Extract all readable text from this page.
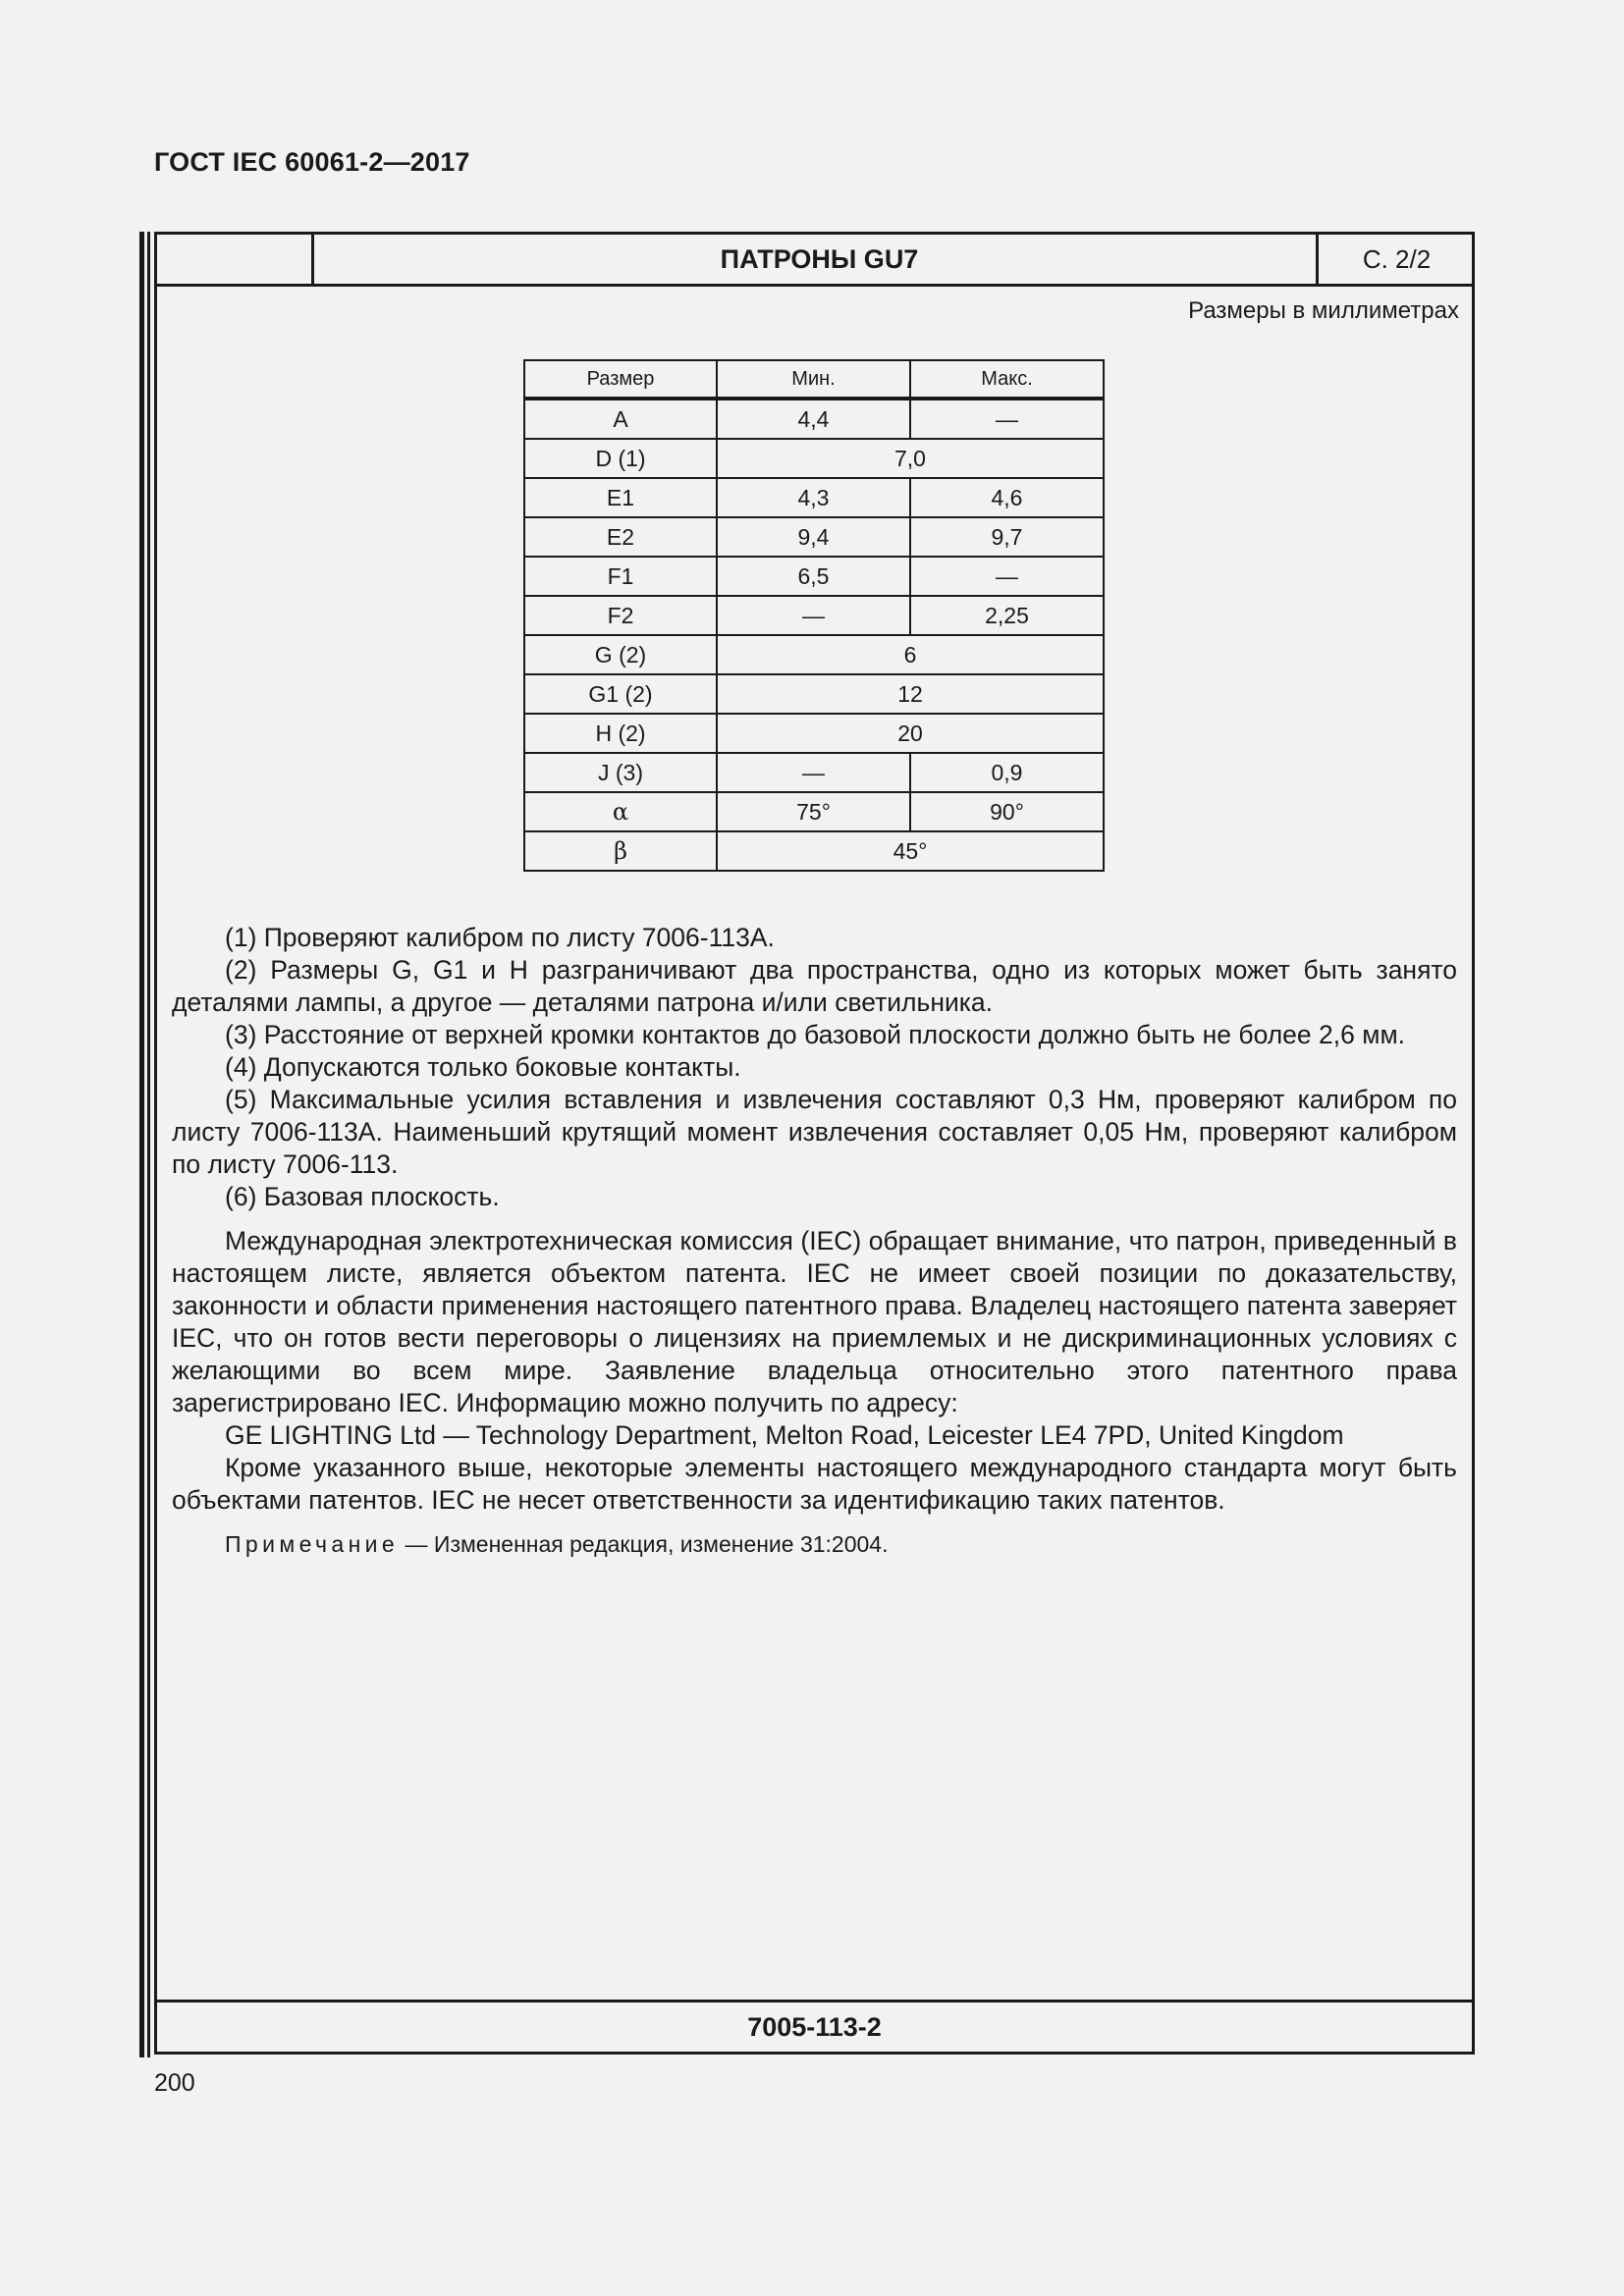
ГОСТ IEC 60061-2—2017
ПАТРОНЫ GU7	С. 2/2
Размеры в миллиметрах
Размер	Мин.	Макс.
A	4,4	—
D (1)	7,0	
E1	4,3	4,6
E2	9,4	9,7
F1	6,5	—
F2	—	2,25
G (2)	6	
G1 (2)	12	
H (2)	20	
J (3)	—	0,9
α	75°	90°
β	45°	

(1) Проверяют калибром по листу 7006-113А.

(2) Размеры G, G1 и Н разграничивают два пространства, одно из которых может быть занято деталями лампы, а другое — деталями патрона и/или светильника.

(3) Расстояние от верхней кромки контактов до базовой плоскости должно быть не более 2,6 мм.

(4) Допускаются только боковые контакты.

(5) Максимальные усилия вставления и извлечения составляют 0,3 Нм, проверяют калибром по листу 7006-113А. Наименьший крутящий момент извлечения составляет 0,05 Нм, проверяют калибром по листу 7006-113.

(6) Базовая плоскость.

Международная электротехническая комиссия (IEC) обращает внимание, что патрон, приведенный в настоящем листе, является объектом патента. IEC не имеет своей позиции по доказательству, законности и области применения настоящего патентного права. Владелец настоящего патента заверяет IEC, что он готов вести переговоры о лицензиях на приемлемых и не дискриминационных условиях с желающими во всем мире. Заявление владельца относительно этого патентного права зарегистрировано IEC. Информацию можно получить по адресу:

GE LIGHTING Ltd — Technology Department, Melton Road, Leicester LE4 7PD, United Kingdom

Кроме указанного выше, некоторые элементы настоящего международного стандарта могут быть объектами патентов. IEC не несет ответственности за идентификацию таких патентов.

Примечание — Измененная редакция, изменение 31:2004.

7005-113-2
200
